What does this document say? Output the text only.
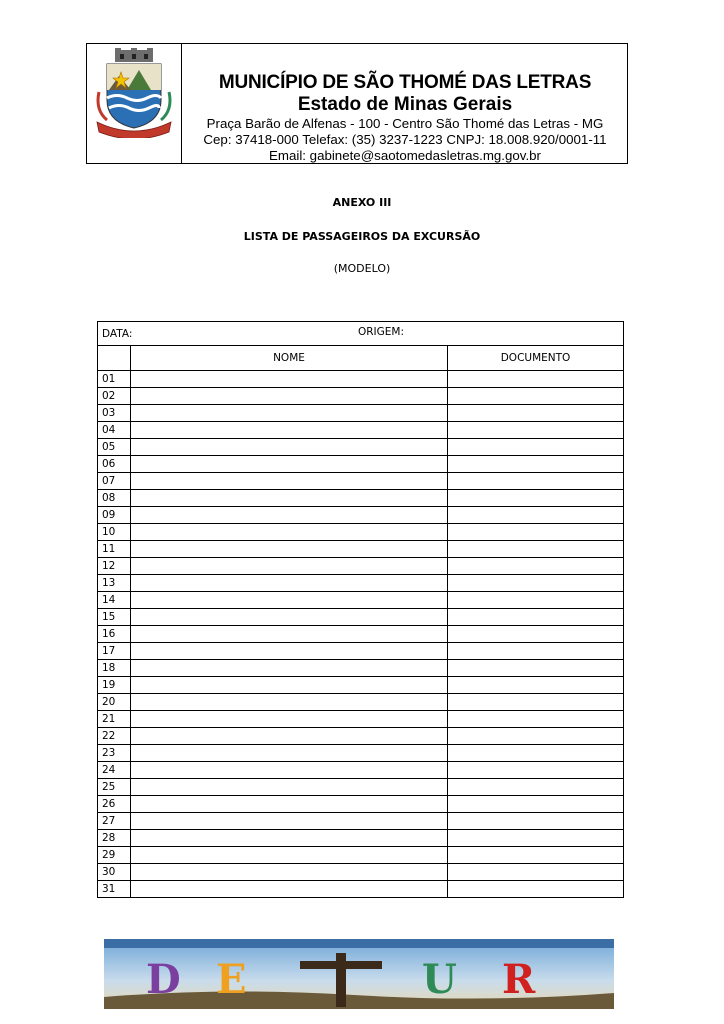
MUNICÍPIO DE SÃO THOMÉ DAS LETRAS
Estado de Minas Gerais
Praça Barão de Alfenas - 100 - Centro São Thomé das Letras - MG
Cep: 37418-000 Telefax: (35) 3237-1223 CNPJ: 18.008.920/0001-11
Email: gabinete@saotomedasletras.mg.gov.br
ANEXO III
LISTA DE PASSAGEIROS DA EXCURSÃO
(MODELO)
DATA: ORIGEM:		

	NOME	DOCUMENTO
01		
02		
03		
04		
05		
06		
07		
08		
09		
10		
11		
12		
13		
14		
15		
16		
17		
18		
19		
20		
21		
22		
23		
24		
25		
26		
27		
28		
29		
30		
31		
D E	U R
